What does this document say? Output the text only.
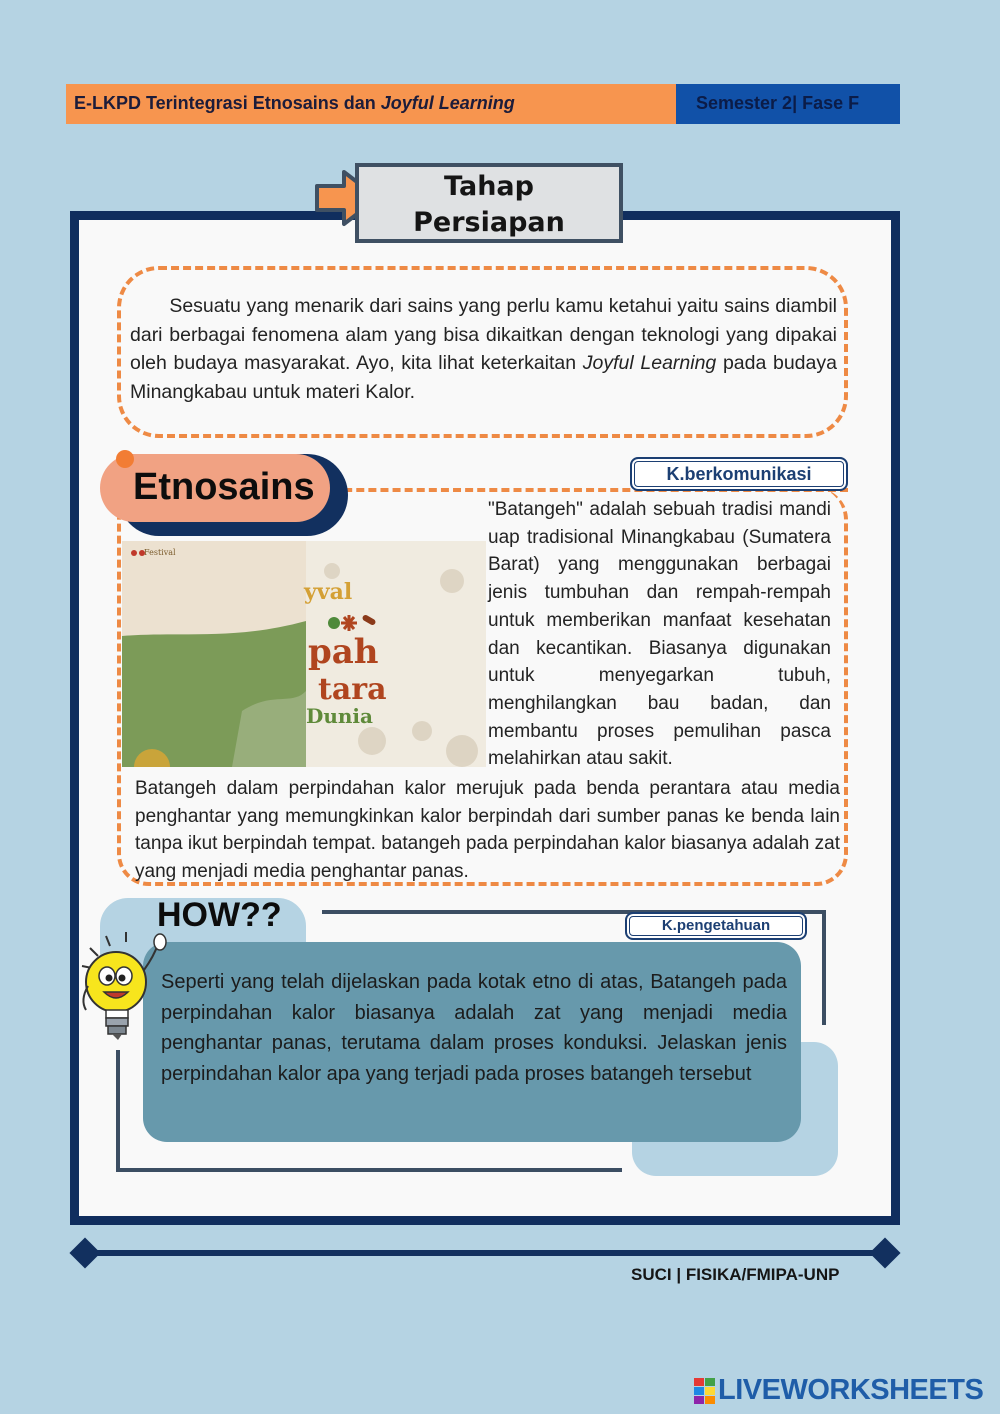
E-LKPD Terintegrasi Etnosains dan Joyful Learning	Semester 2| Fase F
Tahap
Persiapan
Sesuatu yang menarik dari sains yang perlu kamu ketahui yaitu sains diambil dari berbagai fenomena alam yang bisa dikaitkan dengan teknologi yang dipakai oleh budaya masyarakat. Ayo, kita lihat keterkaitan Joyful Learning pada budaya Minangkabau untuk materi Kalor.
Etnosains	K.berkomunikasi
Festival
yval
pah
tara
Dunia
"Batangeh" adalah sebuah tradisi mandi uap tradisional Minangkabau (Sumatera Barat) yang menggunakan berbagai jenis tumbuhan dan rempah-rempah untuk memberikan manfaat kesehatan dan kecantikan. Biasanya digunakan untuk menyegarkan tubuh, menghilangkan bau badan, dan membantu proses pemulihan pasca melahirkan atau sakit.
Batangeh dalam perpindahan kalor merujuk pada benda perantara atau media penghantar yang memungkinkan kalor berpindah dari sumber panas ke benda lain tanpa ikut berpindah tempat. batangeh pada perpindahan kalor biasanya adalah zat yang menjadi media penghantar panas.
HOW??	K.pengetahuan
Seperti yang telah dijelaskan pada kotak etno di atas, Batangeh pada perpindahan kalor biasanya adalah zat yang menjadi media penghantar panas, terutama dalam proses konduksi. Jelaskan jenis perpindahan kalor apa yang terjadi pada proses batangeh tersebut
SUCI | FISIKA/FMIPA-UNP
LIVEWORKSHEETS
